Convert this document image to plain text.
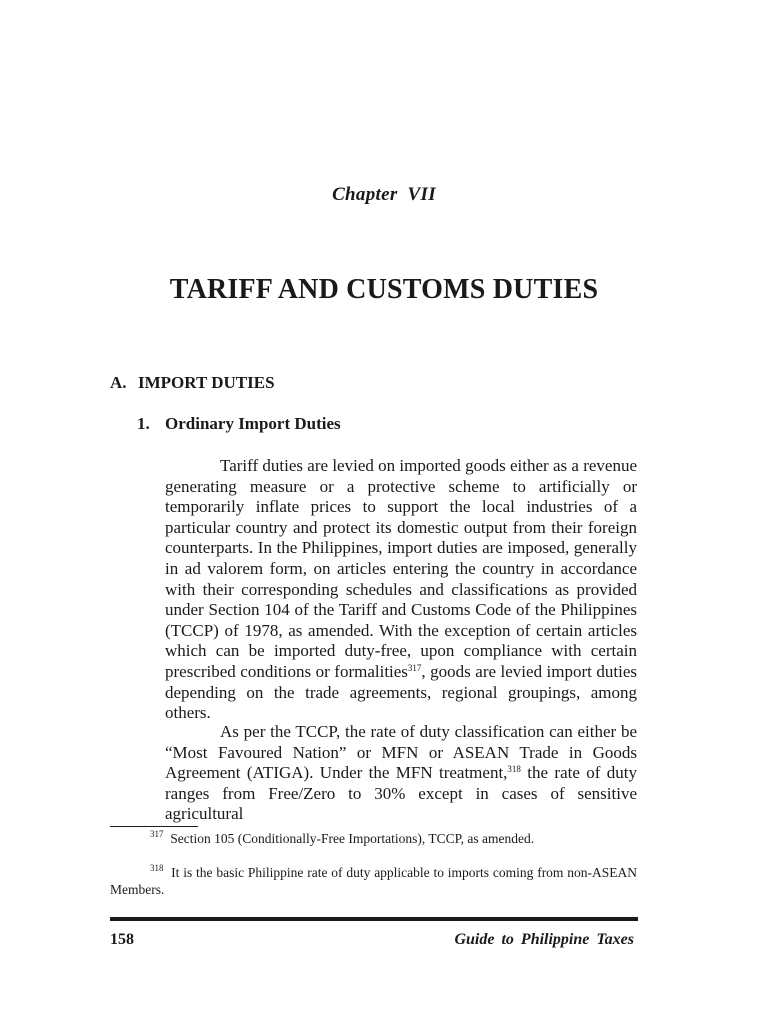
Chapter VII
TARIFF AND CUSTOMS DUTIES
A. IMPORT DUTIES
1. Ordinary Import Duties

Tariff duties are levied on imported goods either as a revenue generating measure or a protective scheme to artificially or temporarily inflate prices to support the local industries of a particular country and protect its domestic output from their foreign counterparts. In the Philippines, import duties are imposed, generally in ad valorem form, on articles entering the country in accordance with their corresponding schedules and classifications as provided under Section 104 of the Tariff and Customs Code of the Philippines (TCCP) of 1978, as amended. With the exception of certain articles which can be imported duty-free, upon compliance with certain prescribed conditions or formalities$^{317}$, goods are levied import duties depending on the trade agreements, regional groupings, among others.

As per the TCCP, the rate of duty classification can either be “Most Favoured Nation” or MFN or ASEAN Trade in Goods Agreement (ATIGA). Under the MFN treatment,$^{318}$ the rate of duty ranges from Free/Zero to 30% except in cases of sensitive agricultural

$^{317}$ Section 105 (Conditionally-Free Importations), TCCP, as amended.

$^{318}$ It is the basic Philippine rate of duty applicable to imports coming from non-ASEAN Members.

158	Guide to Philippine Taxes
